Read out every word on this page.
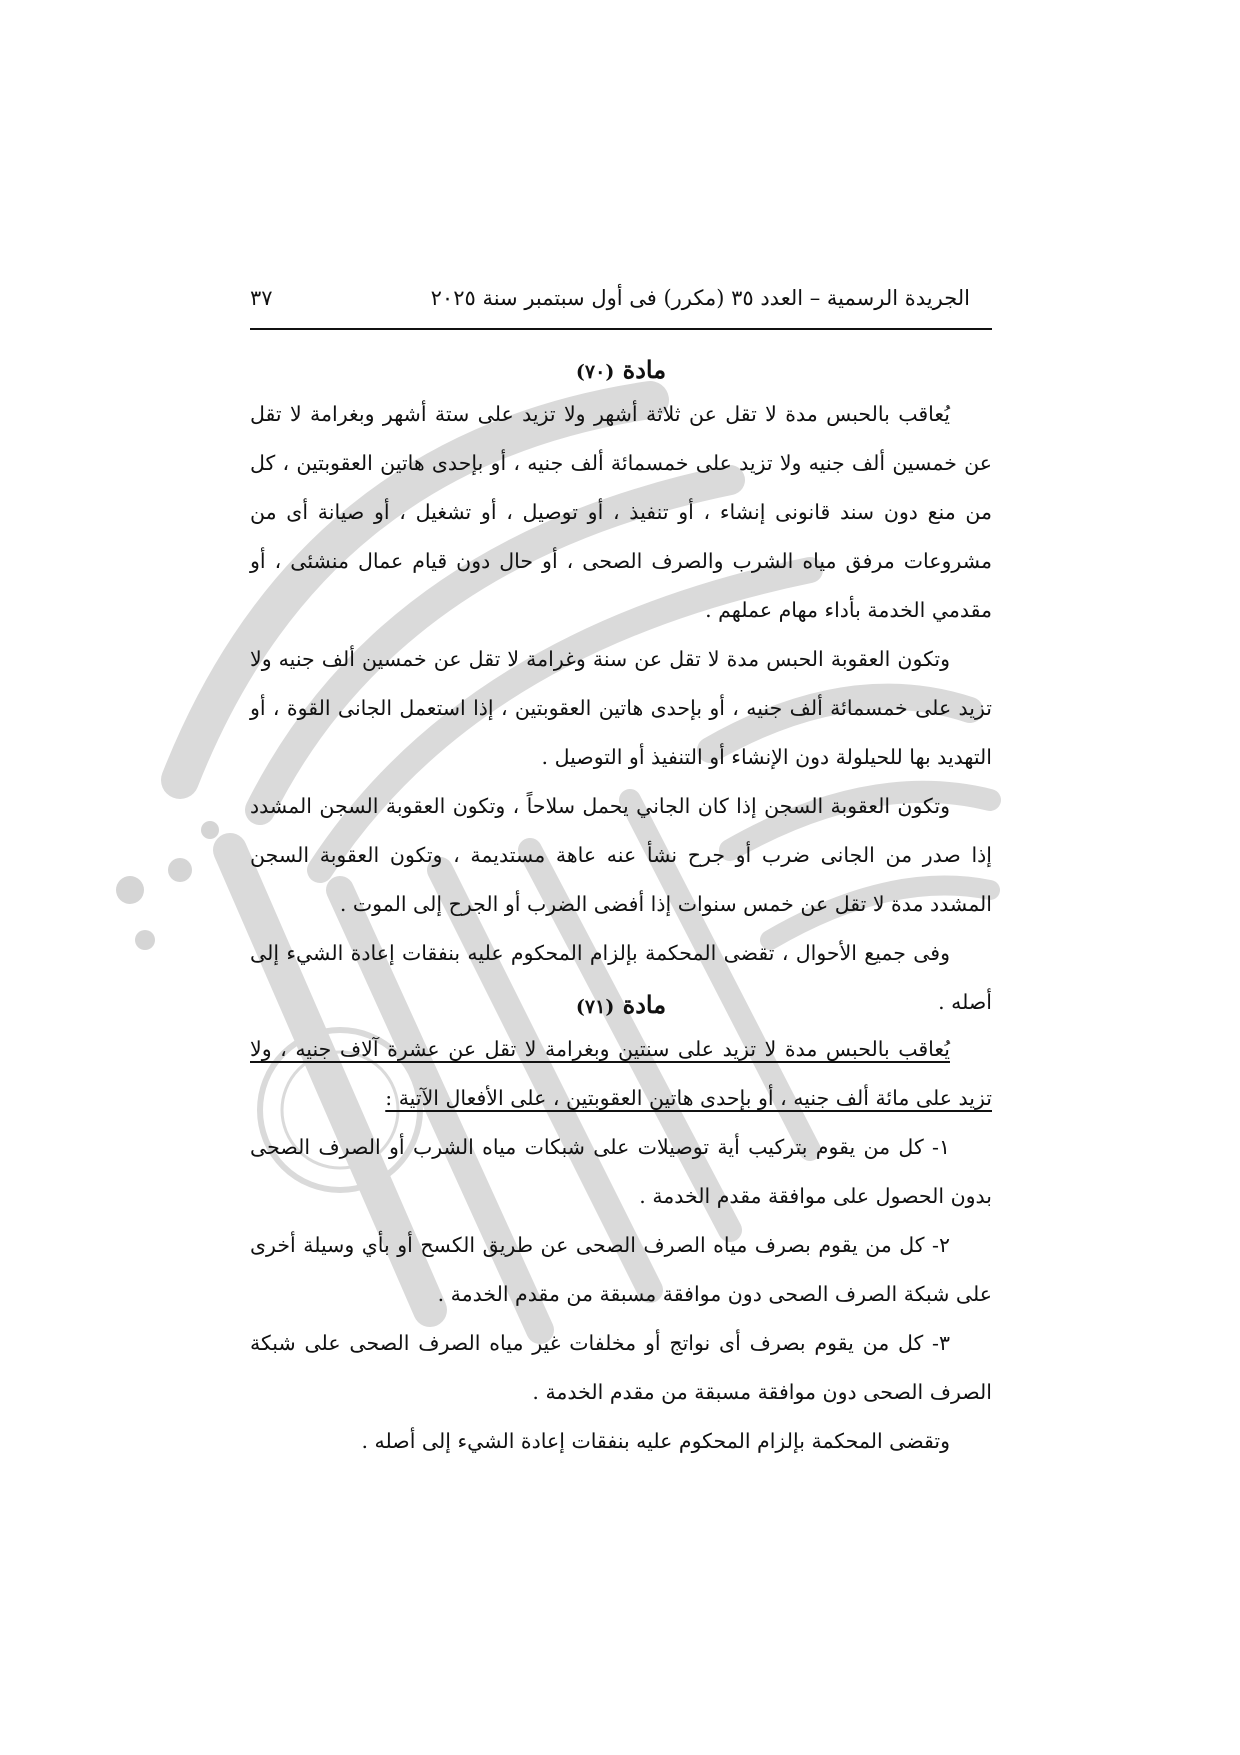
الجريدة الرسمية – العدد ٣٥ (مكرر) فى أول سبتمبر سنة ٢٠٢٥
٣٧
مادة (٧٠)

يُعاقب بالحبس مدة لا تقل عن ثلاثة أشهر ولا تزيد على ستة أشهر وبغرامة لا تقل عن خمسين ألف جنيه ولا تزيد على خمسمائة ألف جنيه ، أو بإحدى هاتين العقوبتين ، كل من منع دون سند قانونى إنشاء ، أو تنفيذ ، أو توصيل ، أو تشغيل ، أو صيانة أى من مشروعات مرفق مياه الشرب والصرف الصحى ، أو حال دون قيام عمال منشئى ، أو مقدمي الخدمة بأداء مهام عملهم .

وتكون العقوبة الحبس مدة لا تقل عن سنة وغرامة لا تقل عن خمسين ألف جنيه ولا تزيد على خمسمائة ألف جنيه ، أو بإحدى هاتين العقوبتين ، إذا استعمل الجانى القوة ، أو التهديد بها للحيلولة دون الإنشاء أو التنفيذ أو التوصيل .

وتكون العقوبة السجن إذا كان الجاني يحمل سلاحاً ، وتكون العقوبة السجن المشدد إذا صدر من الجانى ضرب أو جرح نشأ عنه عاهة مستديمة ، وتكون العقوبة السجن المشدد مدة لا تقل عن خمس سنوات إذا أفضى الضرب أو الجرح إلى الموت .

وفى جميع الأحوال ، تقضى المحكمة بإلزام المحكوم عليه بنفقات إعادة الشيء إلى أصله .

مادة (٧١)

يُعاقب بالحبس مدة لا تزيد على سنتين وبغرامة لا تقل عن عشرة آلاف جنيه ، ولا تزيد على مائة ألف جنيه ، أو بإحدى هاتين العقوبتين ، على الأفعال الآتية :

١- كل من يقوم بتركيب أية توصيلات على شبكات مياه الشرب أو الصرف الصحى بدون الحصول على موافقة مقدم الخدمة .

٢- كل من يقوم بصرف مياه الصرف الصحى عن طريق الكسح أو بأي وسيلة أخرى على شبكة الصرف الصحى دون موافقة مسبقة من مقدم الخدمة .

٣- كل من يقوم بصرف أى نواتج أو مخلفات غير مياه الصرف الصحى على شبكة الصرف الصحى دون موافقة مسبقة من مقدم الخدمة .

وتقضى المحكمة بإلزام المحكوم عليه بنفقات إعادة الشيء إلى أصله .
